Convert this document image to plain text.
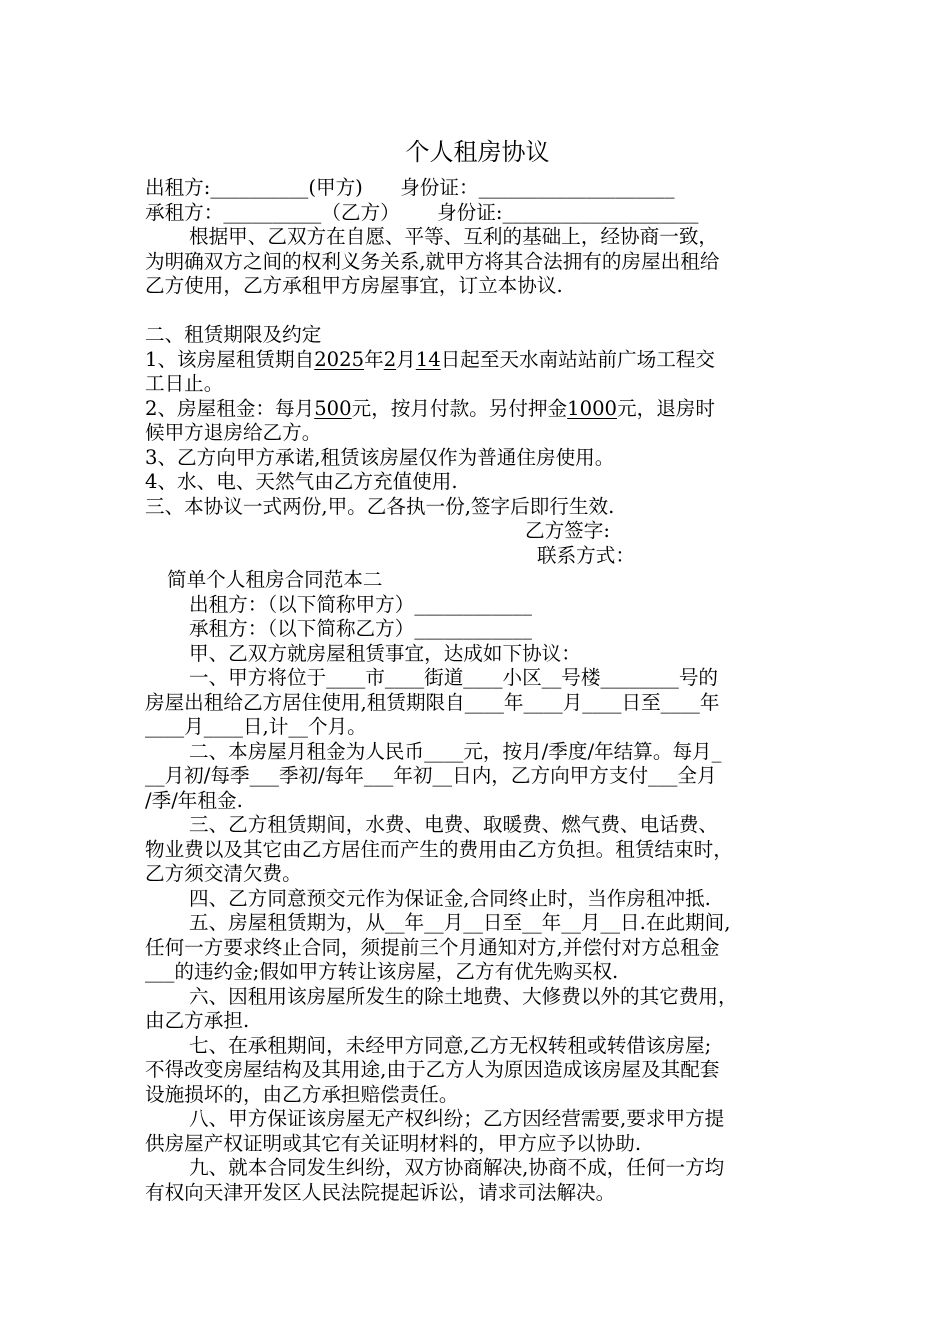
个人租房协议
出租方:__________(甲方)      身份证：____________________
承租方：__________（乙方）      身份证:____________________
根据甲、乙双方在自愿、平等、互利的基础上，经协商一致，
为明确双方之间的权利义务关系,就甲方将其合法拥有的房屋出租给
乙方使用，乙方承租甲方房屋事宜，订立本协议.

二、租赁期限及约定
1、该房屋租赁期自2025年2月14日起至天水南站站前广场工程交
工日止。
2、房屋租金：每月500元，按月付款。另付押金1000元，退房时
候甲方退房给乙方。
3、乙方向甲方承诺,租赁该房屋仅作为普通住房使用。
4、水、电、天然气由乙方充值使用.
三、本协议一式两份,甲。乙各执一份,签字后即行生效.

乙方签字:

联系方式：

简单个人租房合同范本二
出租方：（以下简称甲方）____________
承租方：（以下简称乙方）____________
甲、乙双方就房屋租赁事宜，达成如下协议：
一、甲方将位于____市____街道____小区__号楼________号的
房屋出租给乙方居住使用,租赁期限自____年____月____日至____年
____月____日,计__个月。
二、本房屋月租金为人民币____元，按月/季度/年结算。每月_
__月初/每季___季初/每年___年初__日内，乙方向甲方支付___全月
/季/年租金.
三、乙方租赁期间，水费、电费、取暖费、燃气费、电话费、
物业费以及其它由乙方居住而产生的费用由乙方负担。租赁结束时，
乙方须交清欠费。
四、乙方同意预交元作为保证金,合同终止时，当作房租冲抵.
五、房屋租赁期为，从__年__月__日至__年__月__日.在此期间,
任何一方要求终止合同，须提前三个月通知对方,并偿付对方总租金
___的违约金;假如甲方转让该房屋，乙方有优先购买权.
六、因租用该房屋所发生的除土地费、大修费以外的其它费用，
由乙方承担.
七、在承租期间，未经甲方同意,乙方无权转租或转借该房屋;
不得改变房屋结构及其用途,由于乙方人为原因造成该房屋及其配套
设施损坏的，由乙方承担赔偿责任。
八、甲方保证该房屋无产权纠纷；乙方因经营需要,要求甲方提
供房屋产权证明或其它有关证明材料的，甲方应予以协助.
九、就本合同发生纠纷，双方协商解决,协商不成，任何一方均
有权向天津开发区人民法院提起诉讼，请求司法解决。
